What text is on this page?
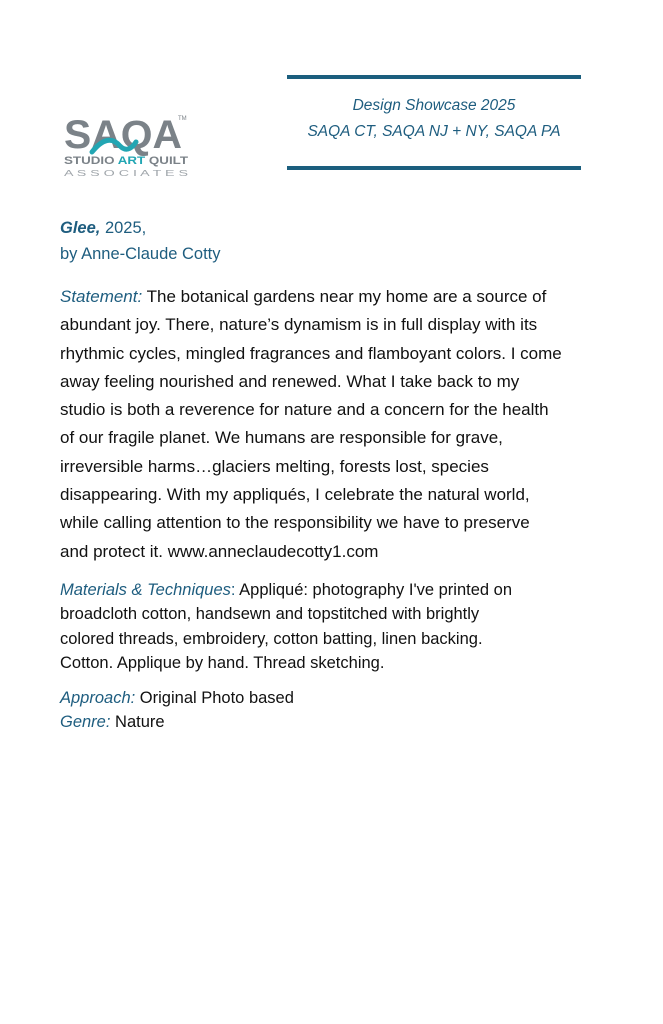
SAQA
TM
STUDIO ART QUILT
A S S O C I A T E S
Design Showcase 2025
SAQA CT, SAQA NJ + NY, SAQA PA
Glee, 2025,
by Anne-Claude Cotty
Statement: The botanical gardens near my home are a source of
abundant joy. There, nature’s dynamism is in full display with its
rhythmic cycles, mingled fragrances and flamboyant colors. I come
away feeling nourished and renewed. What I take back to my
studio is both a reverence for nature and a concern for the health
of our fragile planet. We humans are responsible for grave,
irreversible harms…glaciers melting, forests lost, species
disappearing. With my appliqués, I celebrate the natural world,
while calling attention to the responsibility we have to preserve
and protect it. www.anneclaudecotty1.com
Materials & Techniques: Appliqué: photography I've printed on
broadcloth cotton, handsewn and topstitched with brightly
colored threads, embroidery, cotton batting, linen backing.
Cotton. Applique by hand. Thread sketching.
Approach: Original Photo based
Genre: Nature
